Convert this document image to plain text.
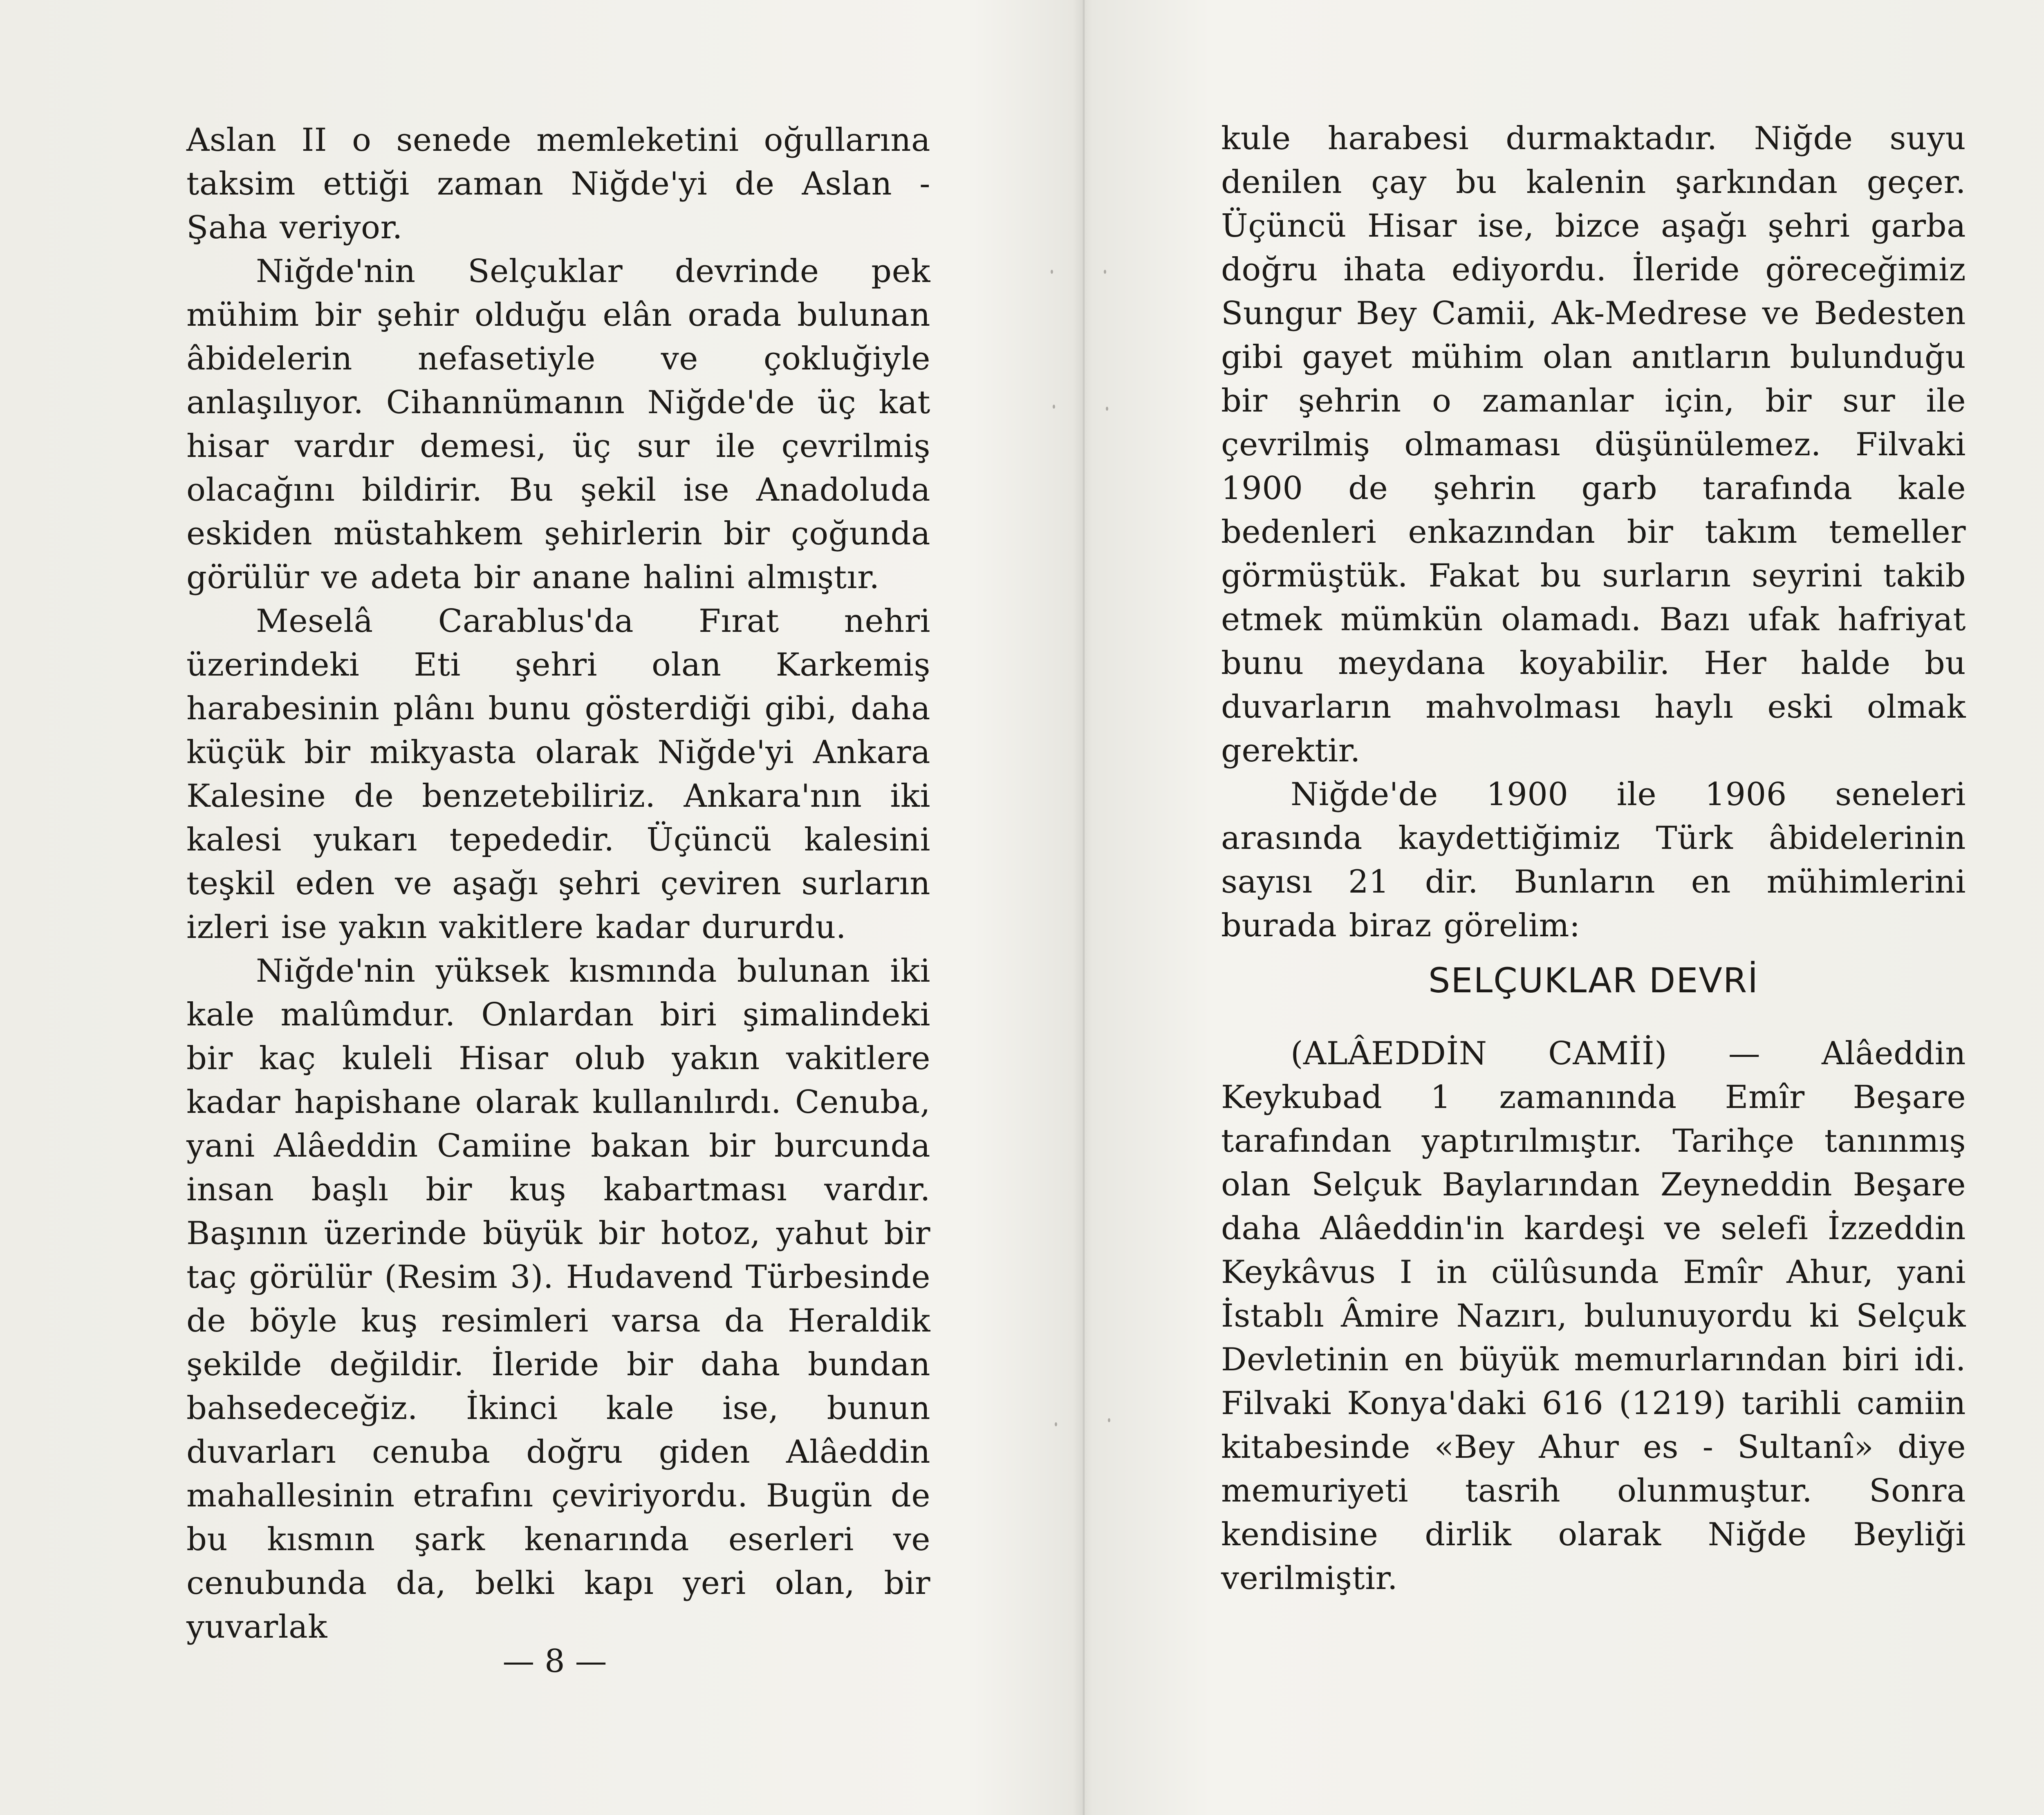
Aslan II o senede memleketini oğullarına taksim ettiği zaman Niğde'yi de Aslan - Şaha veriyor.

Niğde'nin Selçuklar devrinde pek mühim bir şehir olduğu elân orada bulunan âbidelerin nefasetiyle ve çokluğiyle anlaşılıyor. Cihannümanın Niğde'de üç kat hisar vardır demesi, üç sur ile çevrilmiş olacağını bildirir. Bu şekil ise Anadoluda eskiden müstahkem şehirlerin bir çoğunda görülür ve adeta bir anane halini almıştır.

Meselâ Carablus'da Fırat nehri üzerindeki Eti şehri olan Karkemiş harabesinin plânı bunu gösterdiği gibi, daha küçük bir mikyasta olarak Niğde'yi Ankara Kalesine de benzetebiliriz. Ankara'nın iki kalesi yukarı tepededir. Üçüncü kalesini teşkil eden ve aşağı şehri çeviren surların izleri ise yakın vakitlere kadar dururdu.

Niğde'nin yüksek kısmında bulunan iki kale malûmdur. Onlardan biri şimalindeki bir kaç kuleli Hisar olub yakın vakitlere kadar hapishane olarak kullanılırdı. Cenuba, yani Alâeddin Camiine bakan bir burcunda insan başlı bir kuş kabartması vardır. Başının üzerinde büyük bir hotoz, yahut bir taç görülür (Resim 3). Hudavend Türbesinde de böyle kuş resimleri varsa da Heraldik şekilde değildir. İleride bir daha bundan bahsedeceğiz. İkinci kale ise, bunun duvarları cenuba doğru giden Alâeddin mahallesinin etrafını çeviriyordu. Bugün de bu kısmın şark kenarında eserleri ve cenubunda da, belki kapı yeri olan, bir yuvarlak

— 8 —

kule harabesi durmaktadır. Niğde suyu denilen çay bu kalenin şarkından geçer. Üçüncü Hisar ise, bizce aşağı şehri garba doğru ihata ediyordu. İleride göreceğimiz Sungur Bey Camii, Ak-Medrese ve Bedesten gibi gayet mühim olan anıtların bulunduğu bir şehrin o zamanlar için, bir sur ile çevrilmiş olmaması düşünülemez. Filvaki 1900 de şehrin garb tarafında kale bedenleri enkazından bir takım temeller görmüştük. Fakat bu surların seyrini takib etmek mümkün olamadı. Bazı ufak hafriyat bunu meydana koyabilir. Her halde bu duvarların mahvolması haylı eski olmak gerektir.

Niğde'de 1900 ile 1906 seneleri arasında kaydettiğimiz Türk âbidelerinin sayısı 21 dir. Bunların en mühimlerini burada biraz görelim:

SELÇUKLAR DEVRİ

(ALÂEDDİN CAMİİ) — Alâeddin Keykubad 1 zamanında Emîr Beşare tarafından yaptırılmıştır. Tarihçe tanınmış olan Selçuk Baylarından Zeyneddin Beşare daha Alâeddin'in kardeşi ve selefi İzzeddin Keykâvus I in cülûsunda Emîr Ahur, yani İstablı Âmire Nazırı, bulunuyordu ki Selçuk Devletinin en büyük memurlarından biri idi. Filvaki Konya'daki 616 (1219) tarihli camiin kitabesinde «Bey Ahur es - Sultanî» diye memuriyeti tasrih olunmuştur. Sonra kendisine dirlik olarak Niğde Beyliği verilmiştir.
